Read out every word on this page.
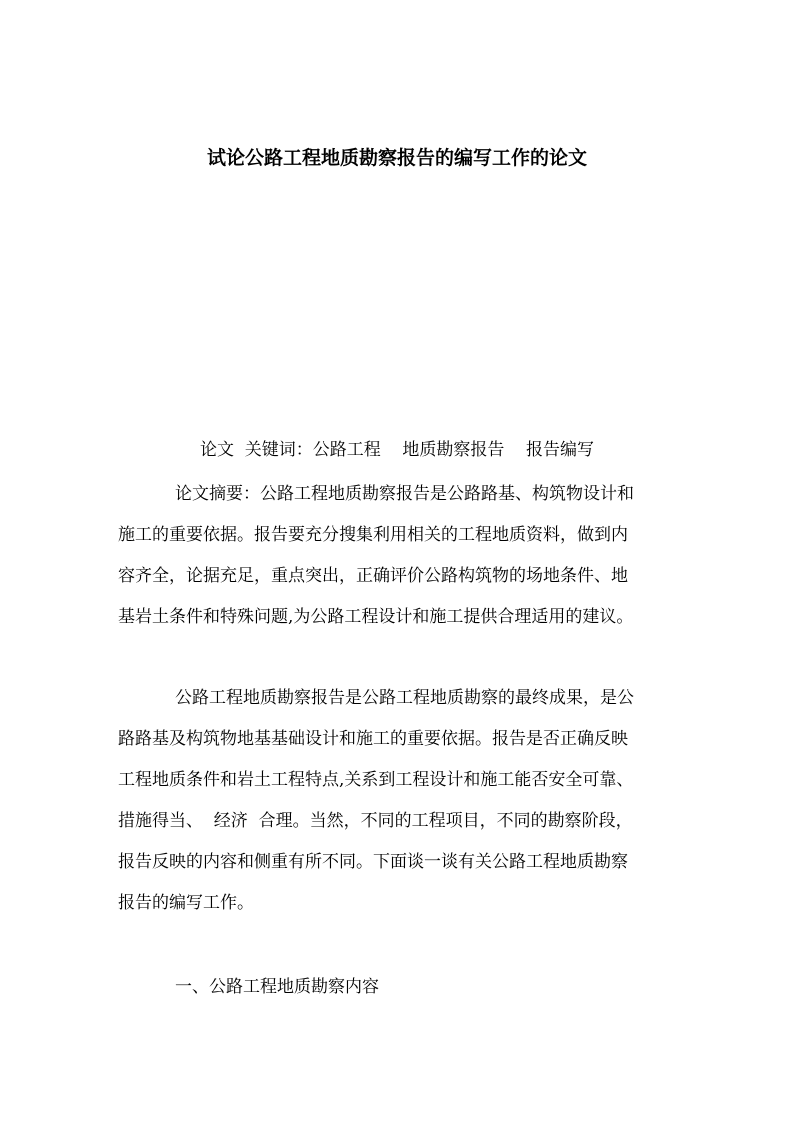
试论公路工程地质勘察报告的编写工作的论文
论文  关键词：公路工程    地质勘察报告    报告编写
论文摘要：公路工程地质勘察报告是公路路基、构筑物设计和
施工的重要依据。报告要充分搜集利用相关的工程地质资料，做到内
容齐全，论据充足，重点突出，正确评价公路构筑物的场地条件、地
基岩土条件和特殊问题,为公路工程设计和施工提供合理适用的建议。
公路工程地质勘察报告是公路工程地质勘察的最终成果，是公
路路基及构筑物地基基础设计和施工的重要依据。报告是否正确反映
工程地质条件和岩土工程特点,关系到工程设计和施工能否安全可靠、
措施得当、  经济  合理。当然，不同的工程项目，不同的勘察阶段，
报告反映的内容和侧重有所不同。下面谈一谈有关公路工程地质勘察
报告的编写工作。
一、公路工程地质勘察内容
